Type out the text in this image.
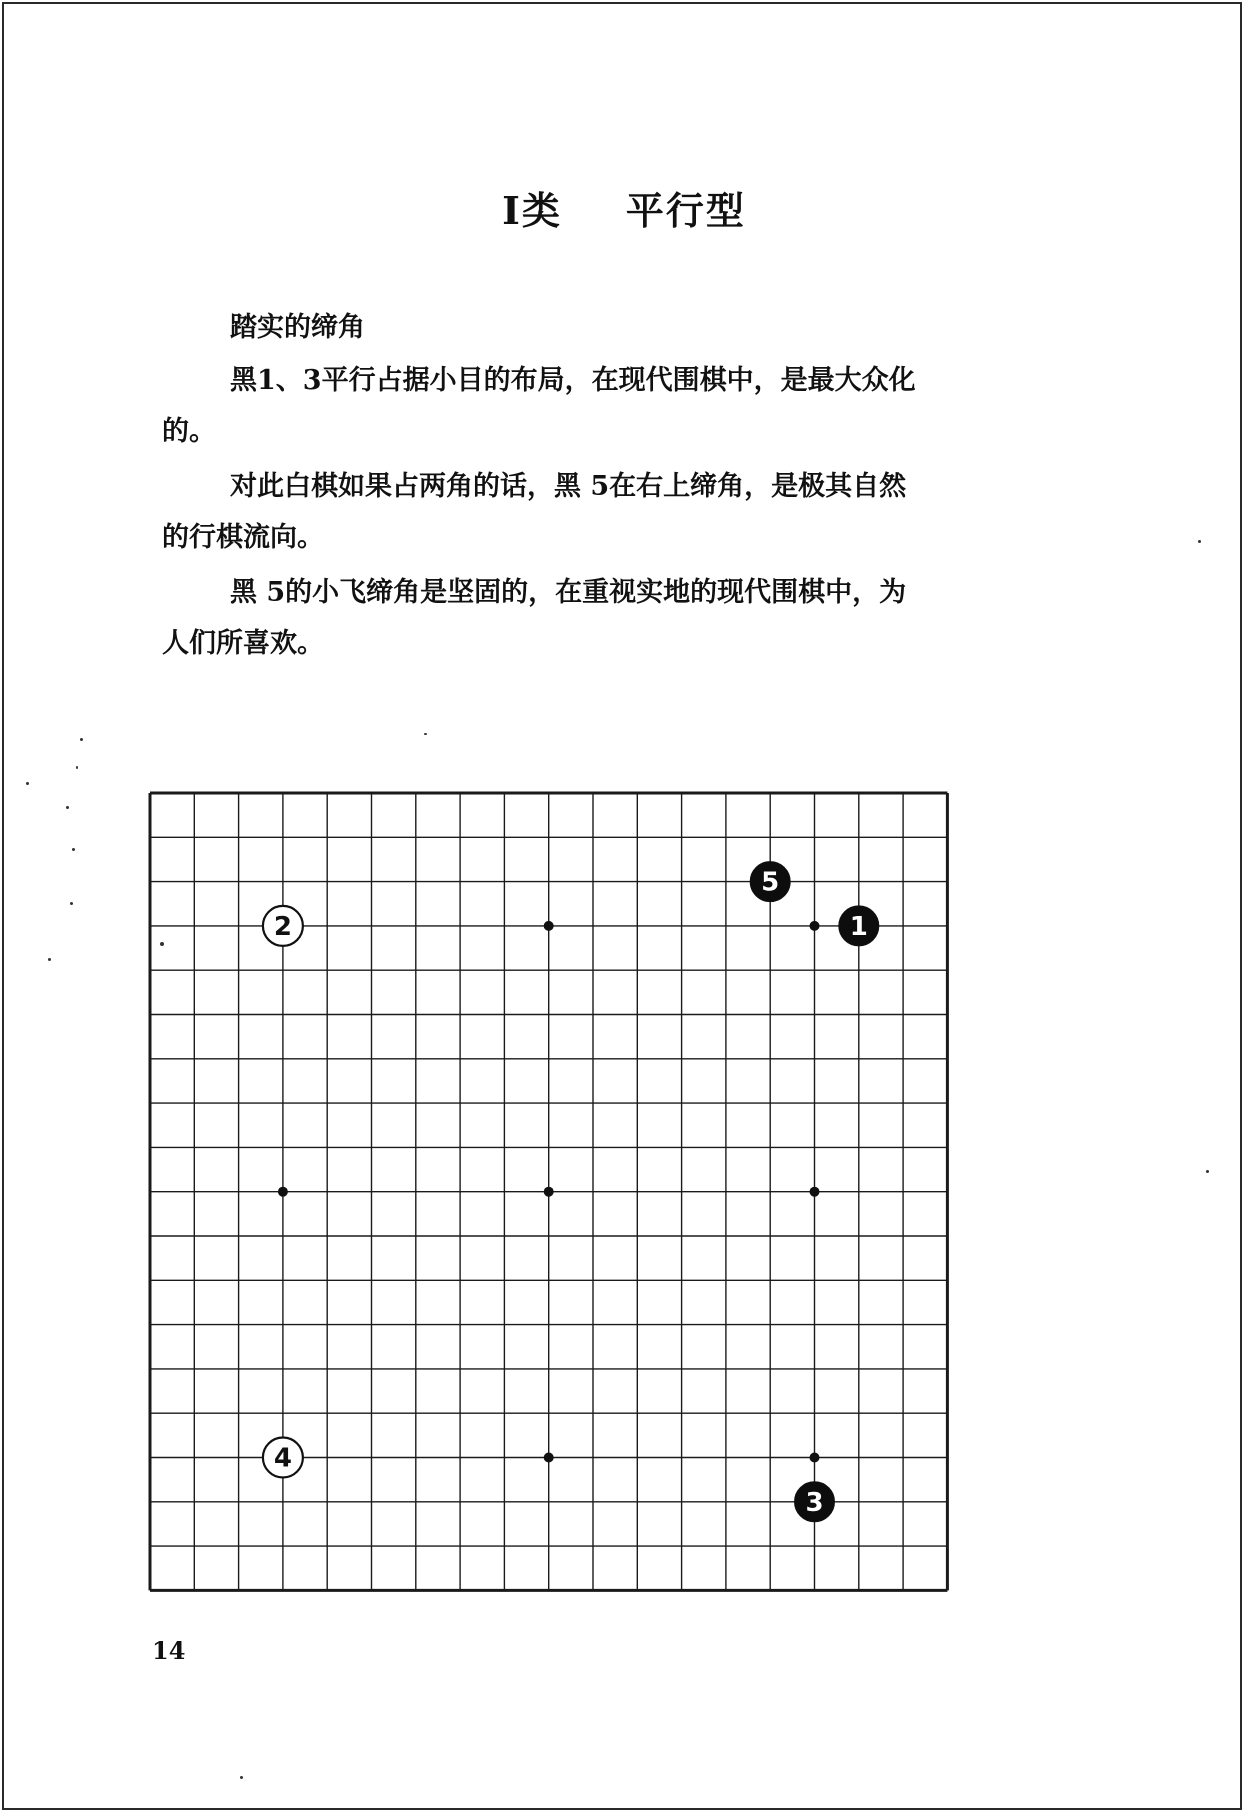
Ⅰ类 平行型

踏实的缔角

黑1、3平行占据小目的布局，在现代围棋中，是最大众化的。

对此白棋如果占两角的话，黑 5在右上缔角，是极其自然的行棋流向。

黑 5的小飞缔角是坚固的，在重视实地的现代围棋中，为人们所喜欢。

1
2
3
4
5

14
